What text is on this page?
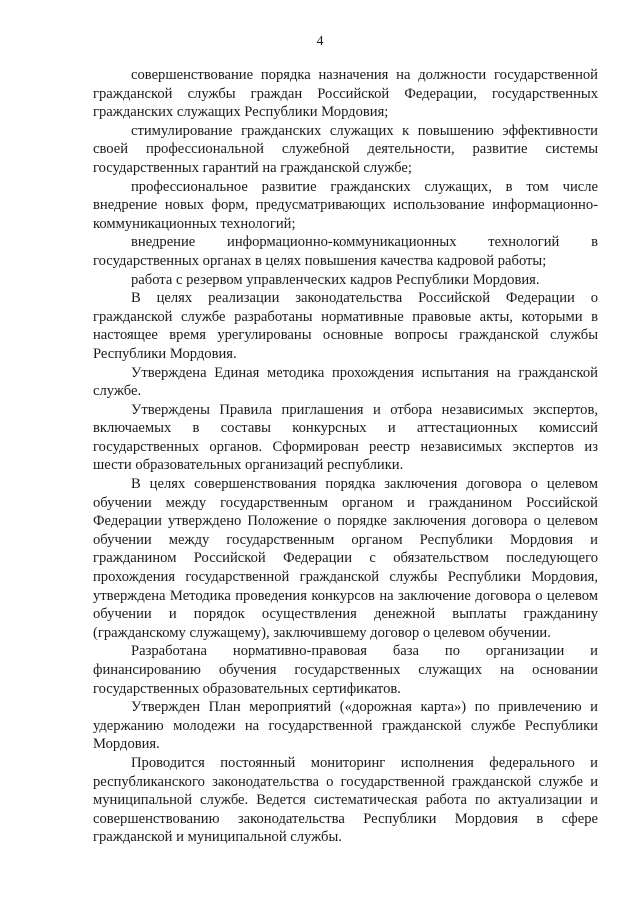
4

совершенствование порядка назначения на должности государственной гражданской службы граждан Российской Федерации, государственных гражданских служащих Республики Мордовия;

стимулирование гражданских служащих к повышению эффективности своей профессиональной служебной деятельности, развитие системы государственных гарантий на гражданской службе;

профессиональное развитие гражданских служащих, в том числе внедрение новых форм, предусматривающих использование информационно-коммуникационных технологий;

внедрение информационно-коммуникационных технологий в государственных органах в целях повышения качества кадровой работы;

работа с резервом управленческих кадров Республики Мордовия.

В целях реализации законодательства Российской Федерации о гражданской службе разработаны нормативные правовые акты, которыми в настоящее время урегулированы основные вопросы гражданской службы Республики Мордовия.

Утверждена Единая методика прохождения испытания на гражданской службе.

Утверждены Правила приглашения и отбора независимых экспертов, включаемых в составы конкурсных и аттестационных комиссий государственных органов. Сформирован реестр независимых экспертов из шести образовательных организаций республики.

В целях совершенствования порядка заключения договора о целевом обучении между государственным органом и гражданином Российской Федерации утверждено Положение о порядке заключения договора о целевом обучении между государственным органом Республики Мордовия и гражданином Российской Федерации с обязательством последующего прохождения государственной гражданской службы Республики Мордовия, утверждена Методика проведения конкурсов на заключение договора о целевом обучении и порядок осуществления денежной выплаты гражданину (гражданскому служащему), заключившему договор о целевом обучении.

Разработана нормативно-правовая база по организации и финансированию обучения государственных служащих на основании государственных образовательных сертификатов.

Утвержден План мероприятий («дорожная карта») по привлечению и удержанию молодежи на государственной гражданской службе Республики Мордовия.

Проводится постоянный мониторинг исполнения федерального и республиканского законодательства о государственной гражданской службе и муниципальной службе. Ведется систематическая работа по актуализации и совершенствованию законодательства Республики Мордовия в сфере гражданской и муниципальной службы.
